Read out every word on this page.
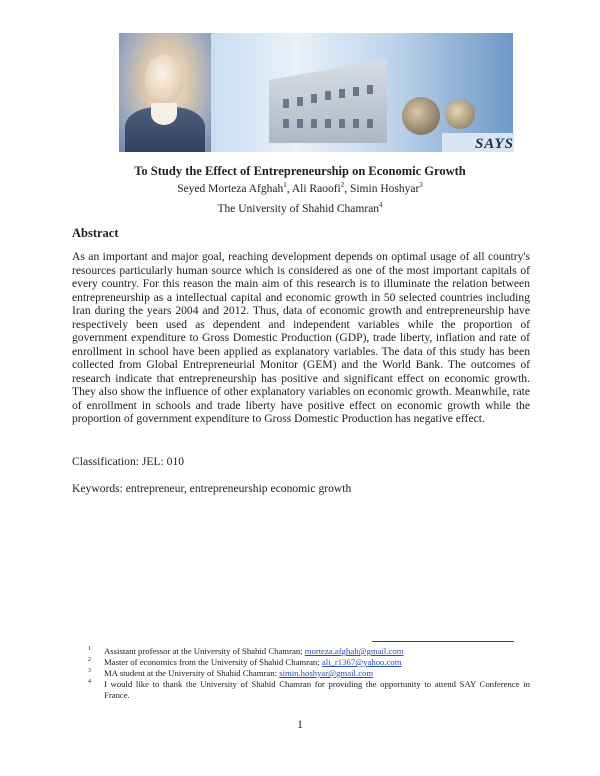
SAYS
To Study the Effect of Entrepreneurship on Economic Growth
Seyed Morteza Afghah$^1$, Ali Raoofi$^2$, Simin Hoshyar$^3$
The University of Shahid Chamran$^4$
Abstract

As an important and major goal, reaching development depends on optimal usage of all country's resources particularly human source which is considered as one of the most important capitals of every country. For this reason the main aim of this research is to illuminate the relation between entrepreneurship as a intellectual capital and economic growth in 50 selected countries including Iran during the years 2004 and 2012. Thus, data of economic growth and entrepreneurship have respectively been used as dependent and independent variables while the proportion of government expenditure to Gross Domestic Production (GDP), trade liberty, inflation and rate of enrollment in school have been applied as explanatory variables. The data of this study has been collected from Global Entrepreneurial Monitor (GEM) and the World Bank. The outcomes of research indicate that entrepreneurship has positive and significant effect on economic growth. They also show the influence of other explanatory variables on economic growth. Meanwhile, rate of enrollment in schools and trade liberty have positive effect on economic growth while the proportion of government expenditure to Gross Domestic Production has negative effect.

Classification: JEL: 010
Keywords: entrepreneur, entrepreneurship economic growth
1 Assistant professor at the University of Shahid Chamran; morteza.afghah@gmail.com
2 Master of economics from the University of Shahid Chamran; ali_r1367@yahoo.com
3 MA student at the University of Shahid Chamran: simin.hoshyar@gmail.com
4 I would like to thank the University of Shahid Chamran for providing the opportunity to attend SAY Conference in France.
1
